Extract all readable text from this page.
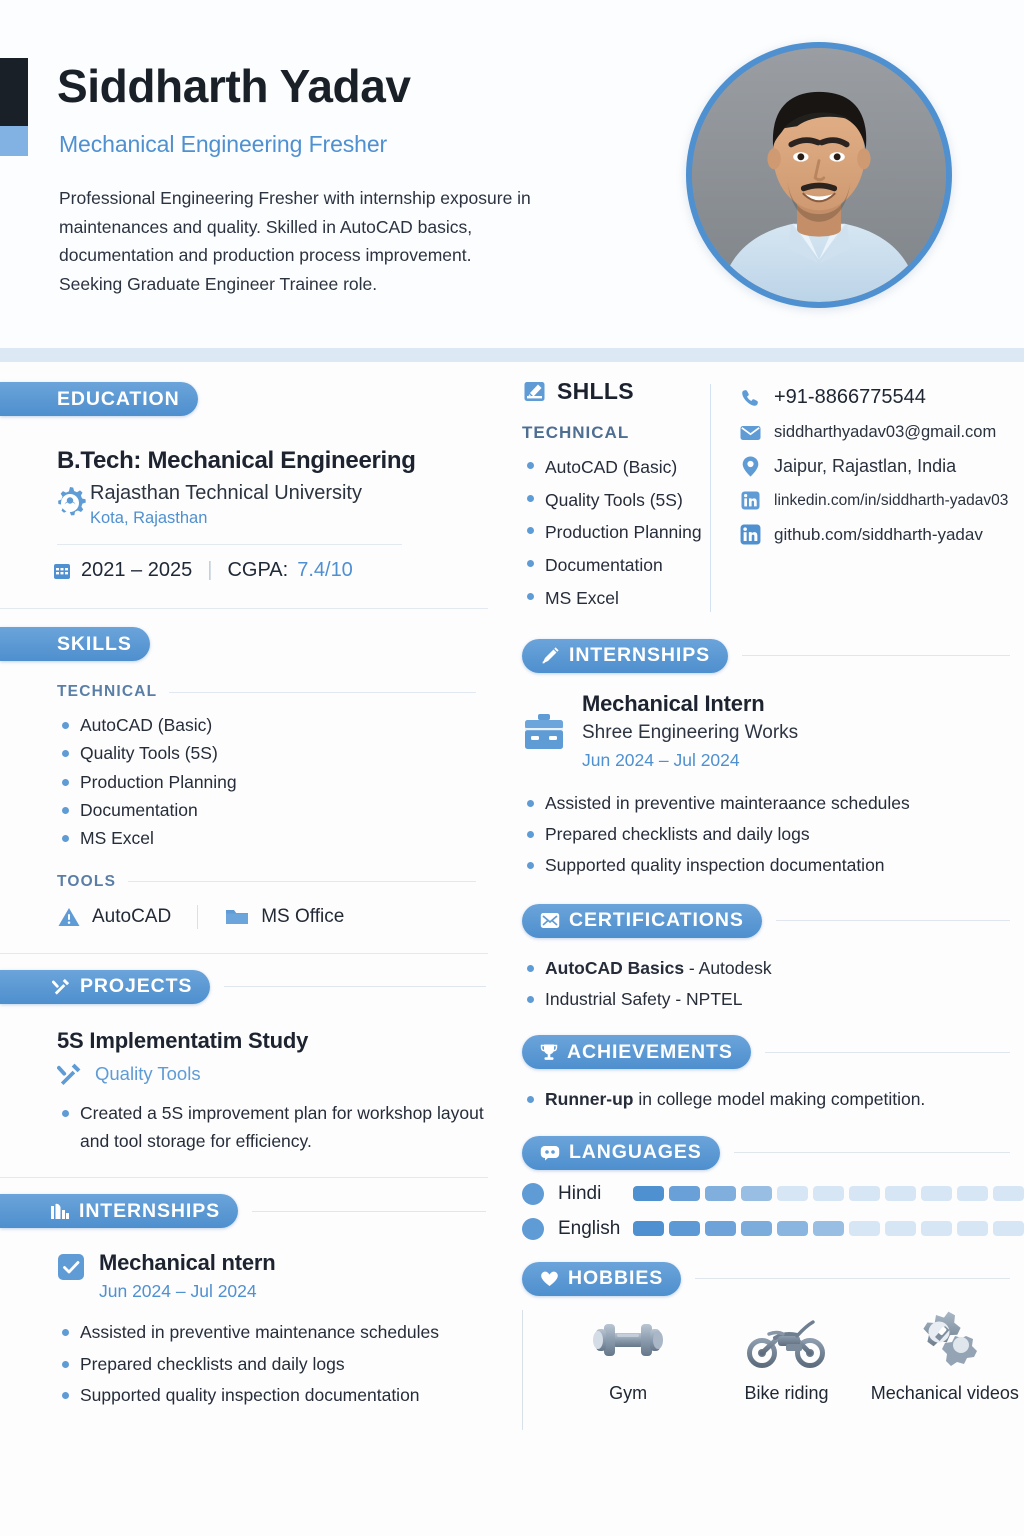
Siddharth Yadav
Mechanical Engineering Fresher
Professional Engineering Fresher with internship exposure in maintenances and quality. Skilled in AutoCAD basics, documentation and production process improvement. Seeking Graduate Engineer Trainee role.
EDUCATION
B.Tech: Mechanical Engineering
Rajasthan Technical University
Kota, Rajasthan
2021 – 2025 | CGPA: 7.4/10
SKILLS
TECHNICAL
AutoCAD (Basic)
Quality Tools (5S)
Production Planning
Documentation
MS Excel
TOOLS
AutoCAD	MS Office
PROJECTS
5S Implementatim Study
Quality Tools
Created a 5S improvement plan for workshop layout and tool storage for efficiency.
INTERNSHIPS
Mechanical ntern
Jun 2024 – Jul 2024
Assisted in preventive maintenance schedules
Prepared checklists and daily logs
Supported quality inspection documentation
SHLLS
TECHNICAL
AutoCAD (Basic)
Quality Tools (5S)
Production Planning
Documentation
MS Excel
+91-8866775544
siddharthyadav03@gmail.com
Jaipur, Rajastlan, India
linkedin.com/in/siddharth-yadav03
github.com/siddharth-yadav
INTERNSHIPS
Mechanical Intern
Shree Engineering Works
Jun 2024 – Jul 2024
Assisted in preventive mainteraance schedules
Prepared checklists and daily logs
Supported quality inspection documentation
CERTIFICATIONS
AutoCAD Basics - Autodesk
Industrial Safety - NPTEL
ACHIEVEMENTS
Runner-up in college model making competition.
LANGUAGES
Hindi
English
HOBBIES
Gym	Bike riding Mechanical videos
